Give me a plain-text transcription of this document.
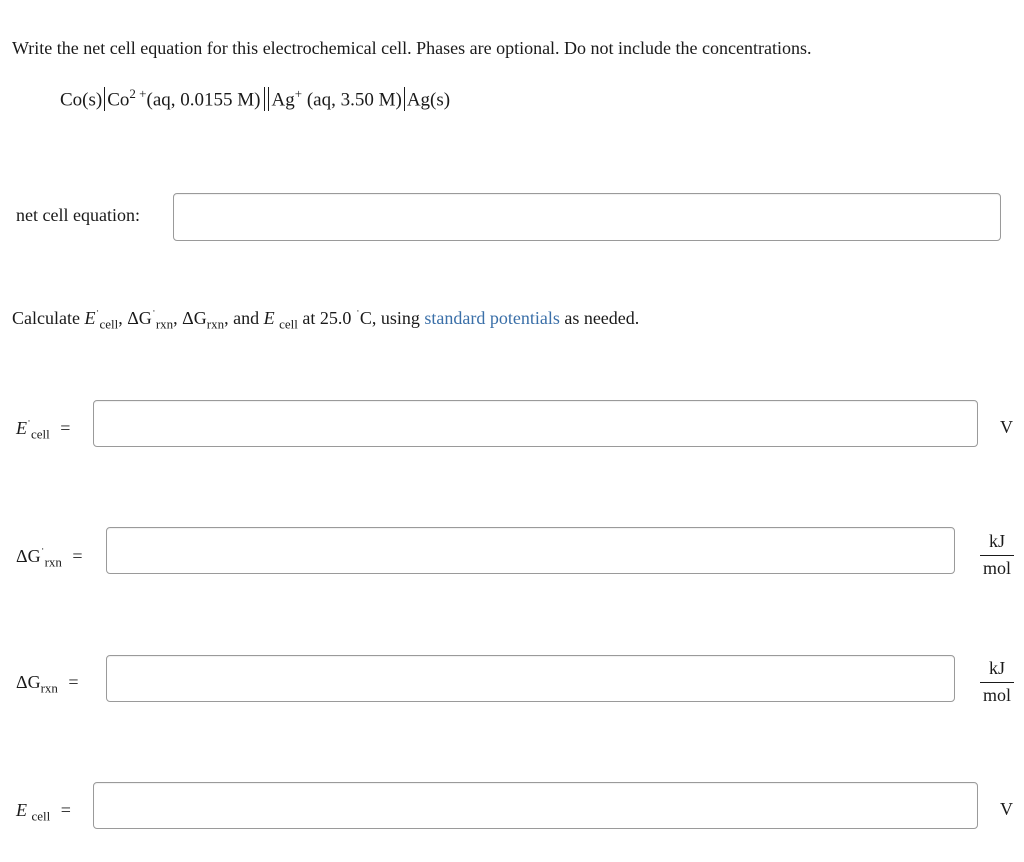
Write the net cell equation for this electrochemical cell. Phases are optional. Do not include the concentrations.
Co(s) $Co^{2 +}(aq$, 0.0155 M) Ag+ (aq, 3.50 M) Ag(s)
net cell equation:
Calculate $E^˙_{cell}$, $\Delta G^˙_{rxn}$, $\Delta G_{rxn}$, and E $_{cell}$ at 25.0 ˙C, using standard potentials as needed.
$E^˙_{cell}$ =	V
$\Delta G^˙_{rxn}$ =
kJ
mol
$\Delta G_{rxn}$ =
kJ
mol
E $_{cell}$ =	V
